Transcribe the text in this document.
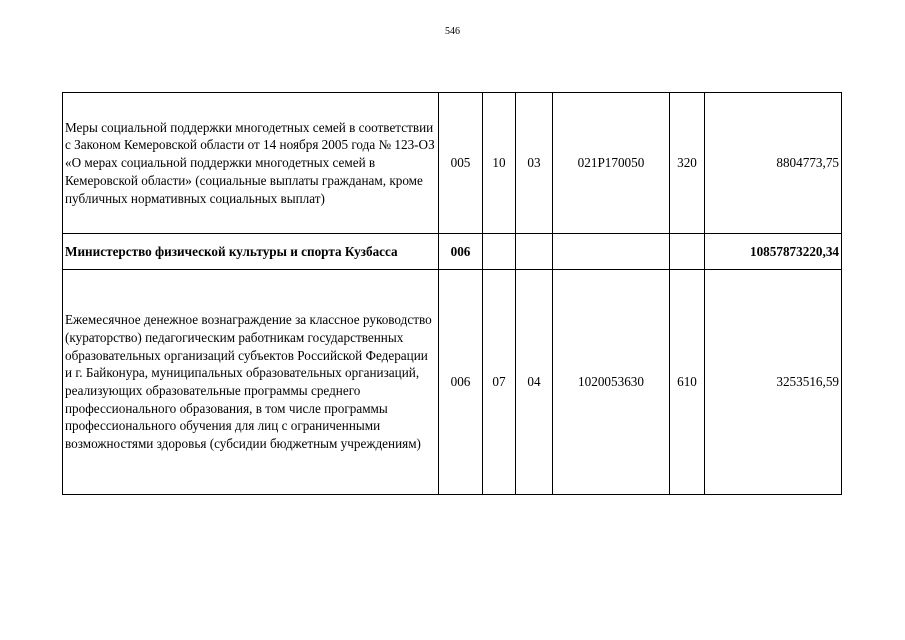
546
Меры социальной поддержки многодетных семей в соответствии с Законом Кемеровской области от 14 ноября 2005 года № 123-ОЗ «О мерах социальной поддержки многодетных семей в Кемеровской области» (социальные выплаты гражданам, кроме публичных нормативных социальных выплат)	005	10	03	021P170050	320	8804773,75
Министерство физической культуры и спорта Кузбасса	006					10857873220,34
Ежемесячное денежное вознаграждение за классное руководство (кураторство) педагогическим работникам государственных образовательных организаций субъектов Российской Федерации и г. Байконура, муниципальных образовательных организаций, реализующих образовательные программы среднего профессионального образования, в том числе программы профессионального обучения для лиц с ограниченными возможностями здоровья (субсидии бюджетным учреждениям)	006	07	04	1020053630	610	3253516,59
